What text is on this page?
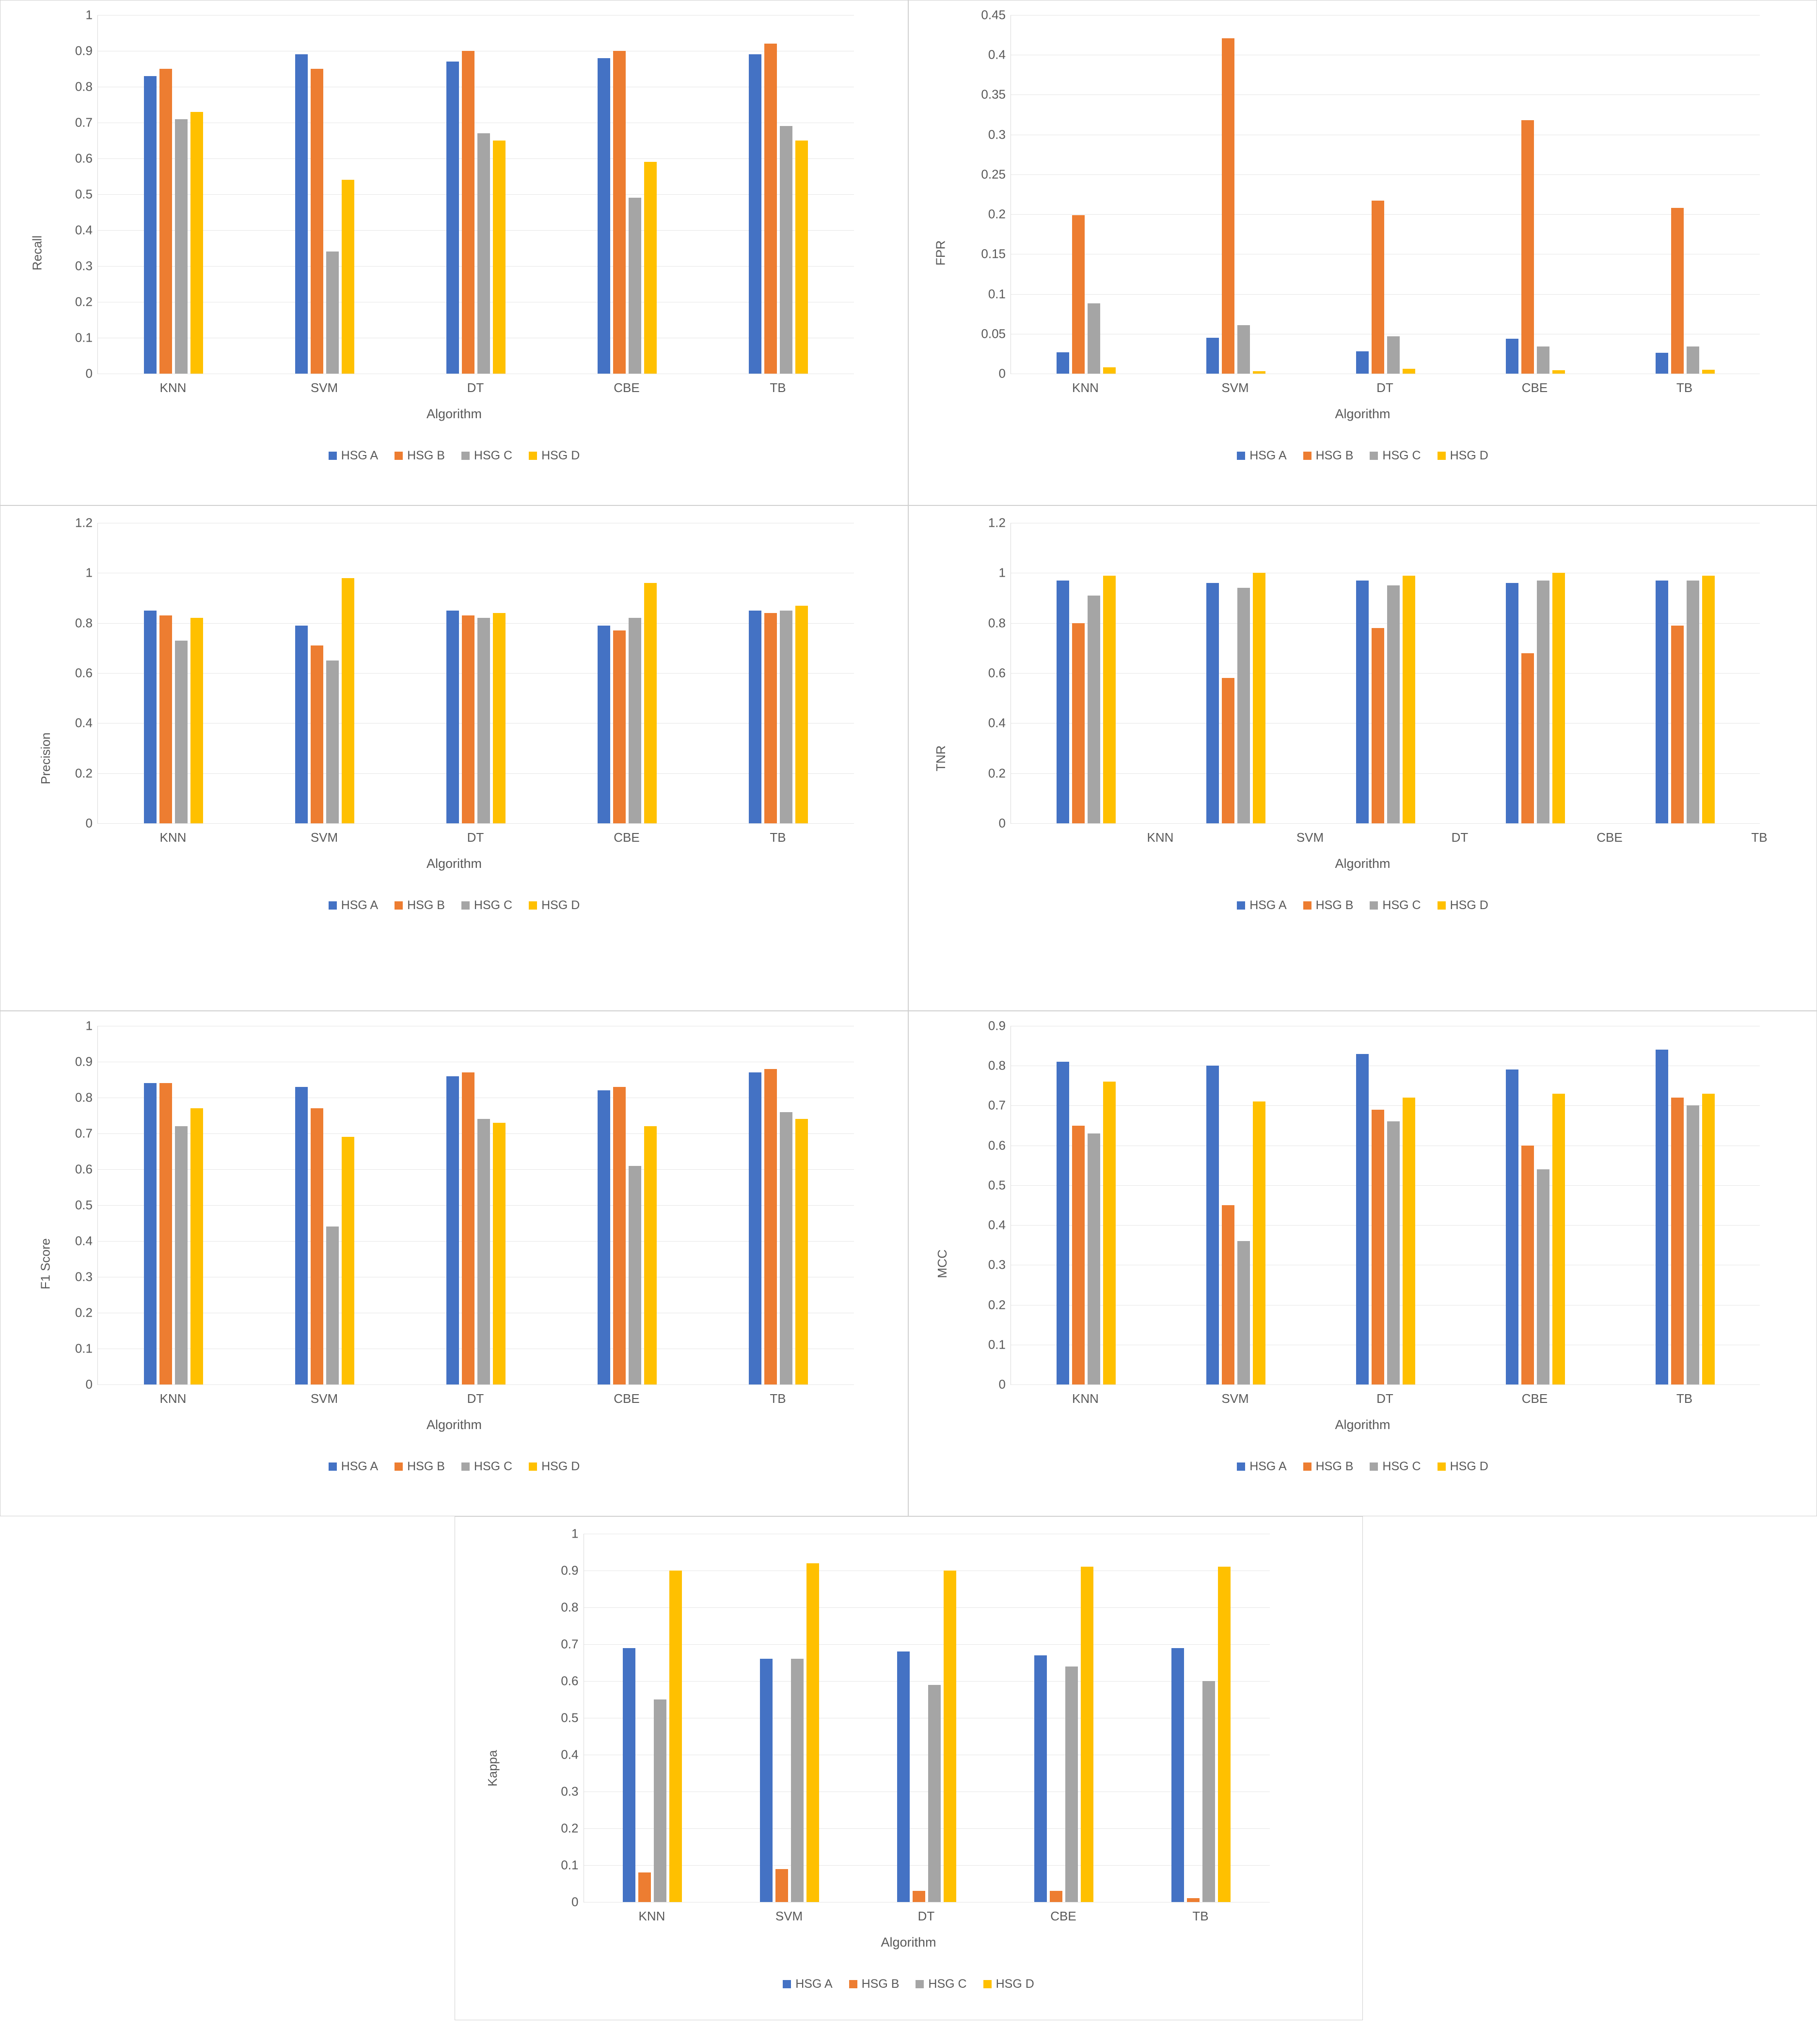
Recall
0
0.1
0.2
0.3
0.4
0.5
0.6
0.7
0.8
0.9
1
KNN	SVM	DT	CBE	TB
Algorithm
HSG A HSG B HSG C HSG D
FPR
0
0.05
0.1
0.15
0.2
0.25
0.3
0.35
0.4
0.45
KNN	SVM	DT	CBE	TB
Algorithm
HSG A HSG B HSG C HSG D
Precision
0
0.2
0.4
0.6
0.8
1
1.2
KNN	SVM	DT	CBE	TB
Algorithm
HSG A HSG B HSG C HSG D
TNR
0
0.2
0.4
0.6
0.8
1
1.2
KNN	SVM	DT	CBE	TB
Algorithm
HSG A HSG B HSG C HSG D
F1 Score
0
0.1
0.2
0.3
0.4
0.5
0.6
0.7
0.8
0.9
1
KNN	SVM	DT	CBE	TB
Algorithm
HSG A HSG B HSG C HSG D
MCC
0
0.1
0.2
0.3
0.4
0.5
0.6
0.7
0.8
0.9
KNN	SVM	DT	CBE	TB
Algorithm
HSG A HSG B HSG C HSG D
Kappa
0
0.1
0.2
0.3
0.4
0.5
0.6
0.7
0.8
0.9
1
KNN	SVM	DT	CBE	TB
Algorithm
HSG A HSG B HSG C HSG D
